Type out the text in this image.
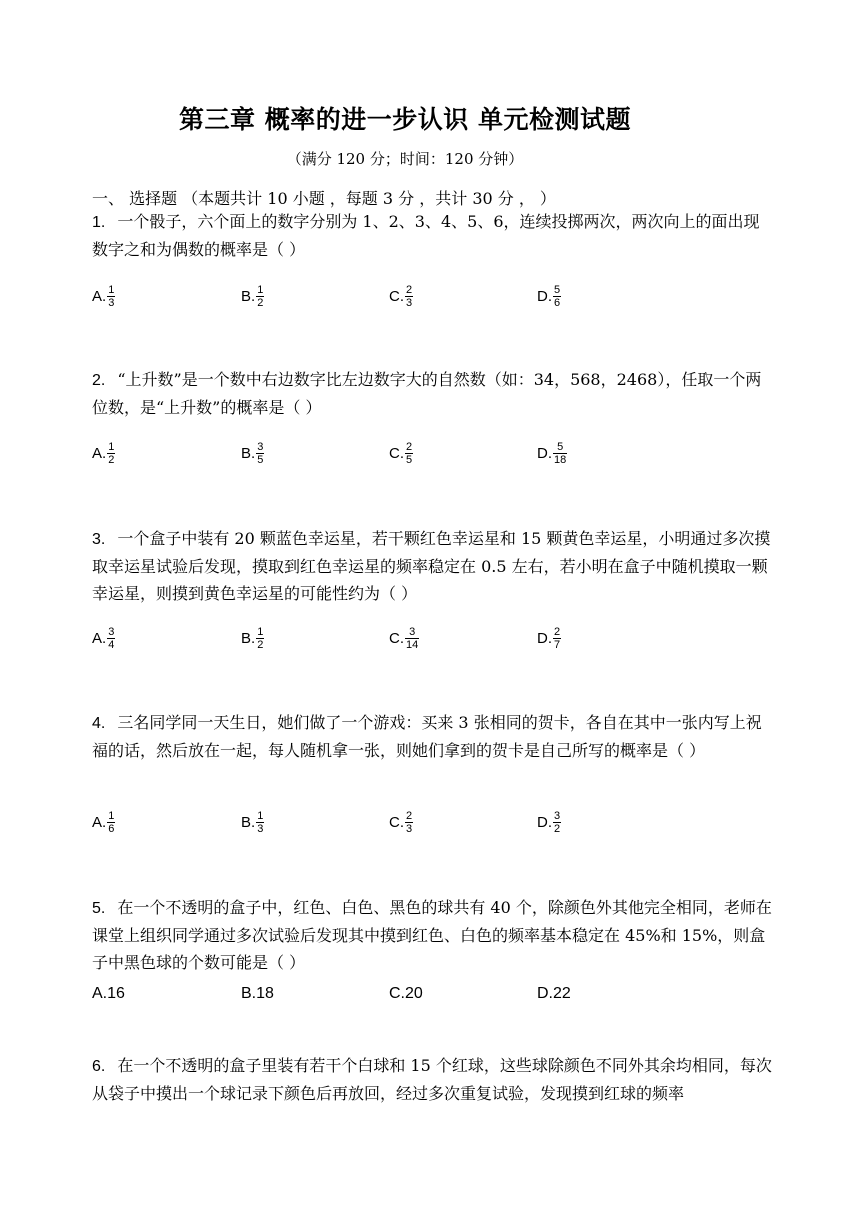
第三章 概率的进一步认识 单元检测试题
（满分 120 分；时间：120 分钟）
一、 选择题 （本题共计 10 小题 ，每题 3 分 ，共计 30 分 ， ）
1. 一个骰子，六个面上的数字分别为 1、2、3、4、5、6，连续投掷两次，两次向上的面出现数字之和为偶数的概率是（ ）
A. $\frac{1}{3}$	B. $\frac{1}{2}$	C. $\frac{2}{3}$	D. $\frac{5}{6}$
2. “上升数”是一个数中右边数字比左边数字大的自然数（如：34，568，2468），任取一个两位数，是“上升数”的概率是（ ）
A. $\frac{1}{2}$	B. $\frac{3}{5}$	C. $\frac{2}{5}$	D. $\frac{5}{18}$
3. 一个盒子中装有 20 颗蓝色幸运星，若干颗红色幸运星和 15 颗黄色幸运星，小明通过多次摸取幸运星试验后发现，摸取到红色幸运星的频率稳定在 0.5 左右，若小明在盒子中随机摸取一颗幸运星，则摸到黄色幸运星的可能性约为（ ）
A. $\frac{3}{4}$	B. $\frac{1}{2}$	C. $\frac{3}{14}$	D. $\frac{2}{7}$
4. 三名同学同一天生日，她们做了一个游戏：买来 3 张相同的贺卡，各自在其中一张内写上祝福的话，然后放在一起，每人随机拿一张，则她们拿到的贺卡是自己所写的概率是（ ）
A. $\frac{1}{6}$	B. $\frac{1}{3}$	C. $\frac{2}{3}$	D. $\frac{3}{2}$
5. 在一个不透明的盒子中，红色、白色、黑色的球共有 40 个，除颜色外其他完全相同，老师在课堂上组织同学通过多次试验后发现其中摸到红色、白色的频率基本稳定在 45%和 15%，则盒子中黑色球的个数可能是（ ）
A.16	B.18	C.20	D.22
6. 在一个不透明的盒子里装有若干个白球和 15 个红球，这些球除颜色不同外其余均相同，每次从袋子中摸出一个球记录下颜色后再放回，经过多次重复试验，发现摸到红球的频率
